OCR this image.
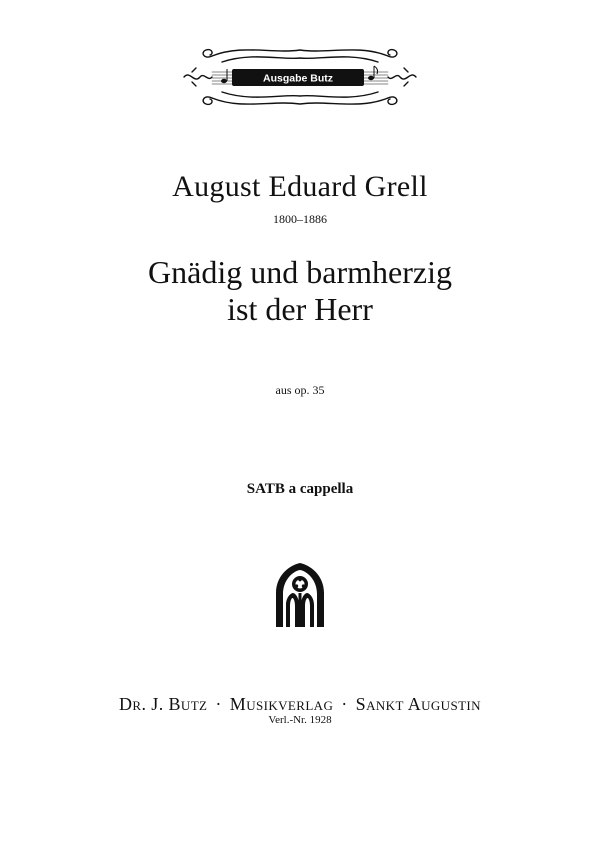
Ausgabe Butz
August Eduard Grell
1800–1886
Gnädig und barmherzig
ist der Herr
aus op. 35
SATB a cappella
Dr. J. Butz · Musikverlag · Sankt Augustin
Verl.-Nr. 1928
